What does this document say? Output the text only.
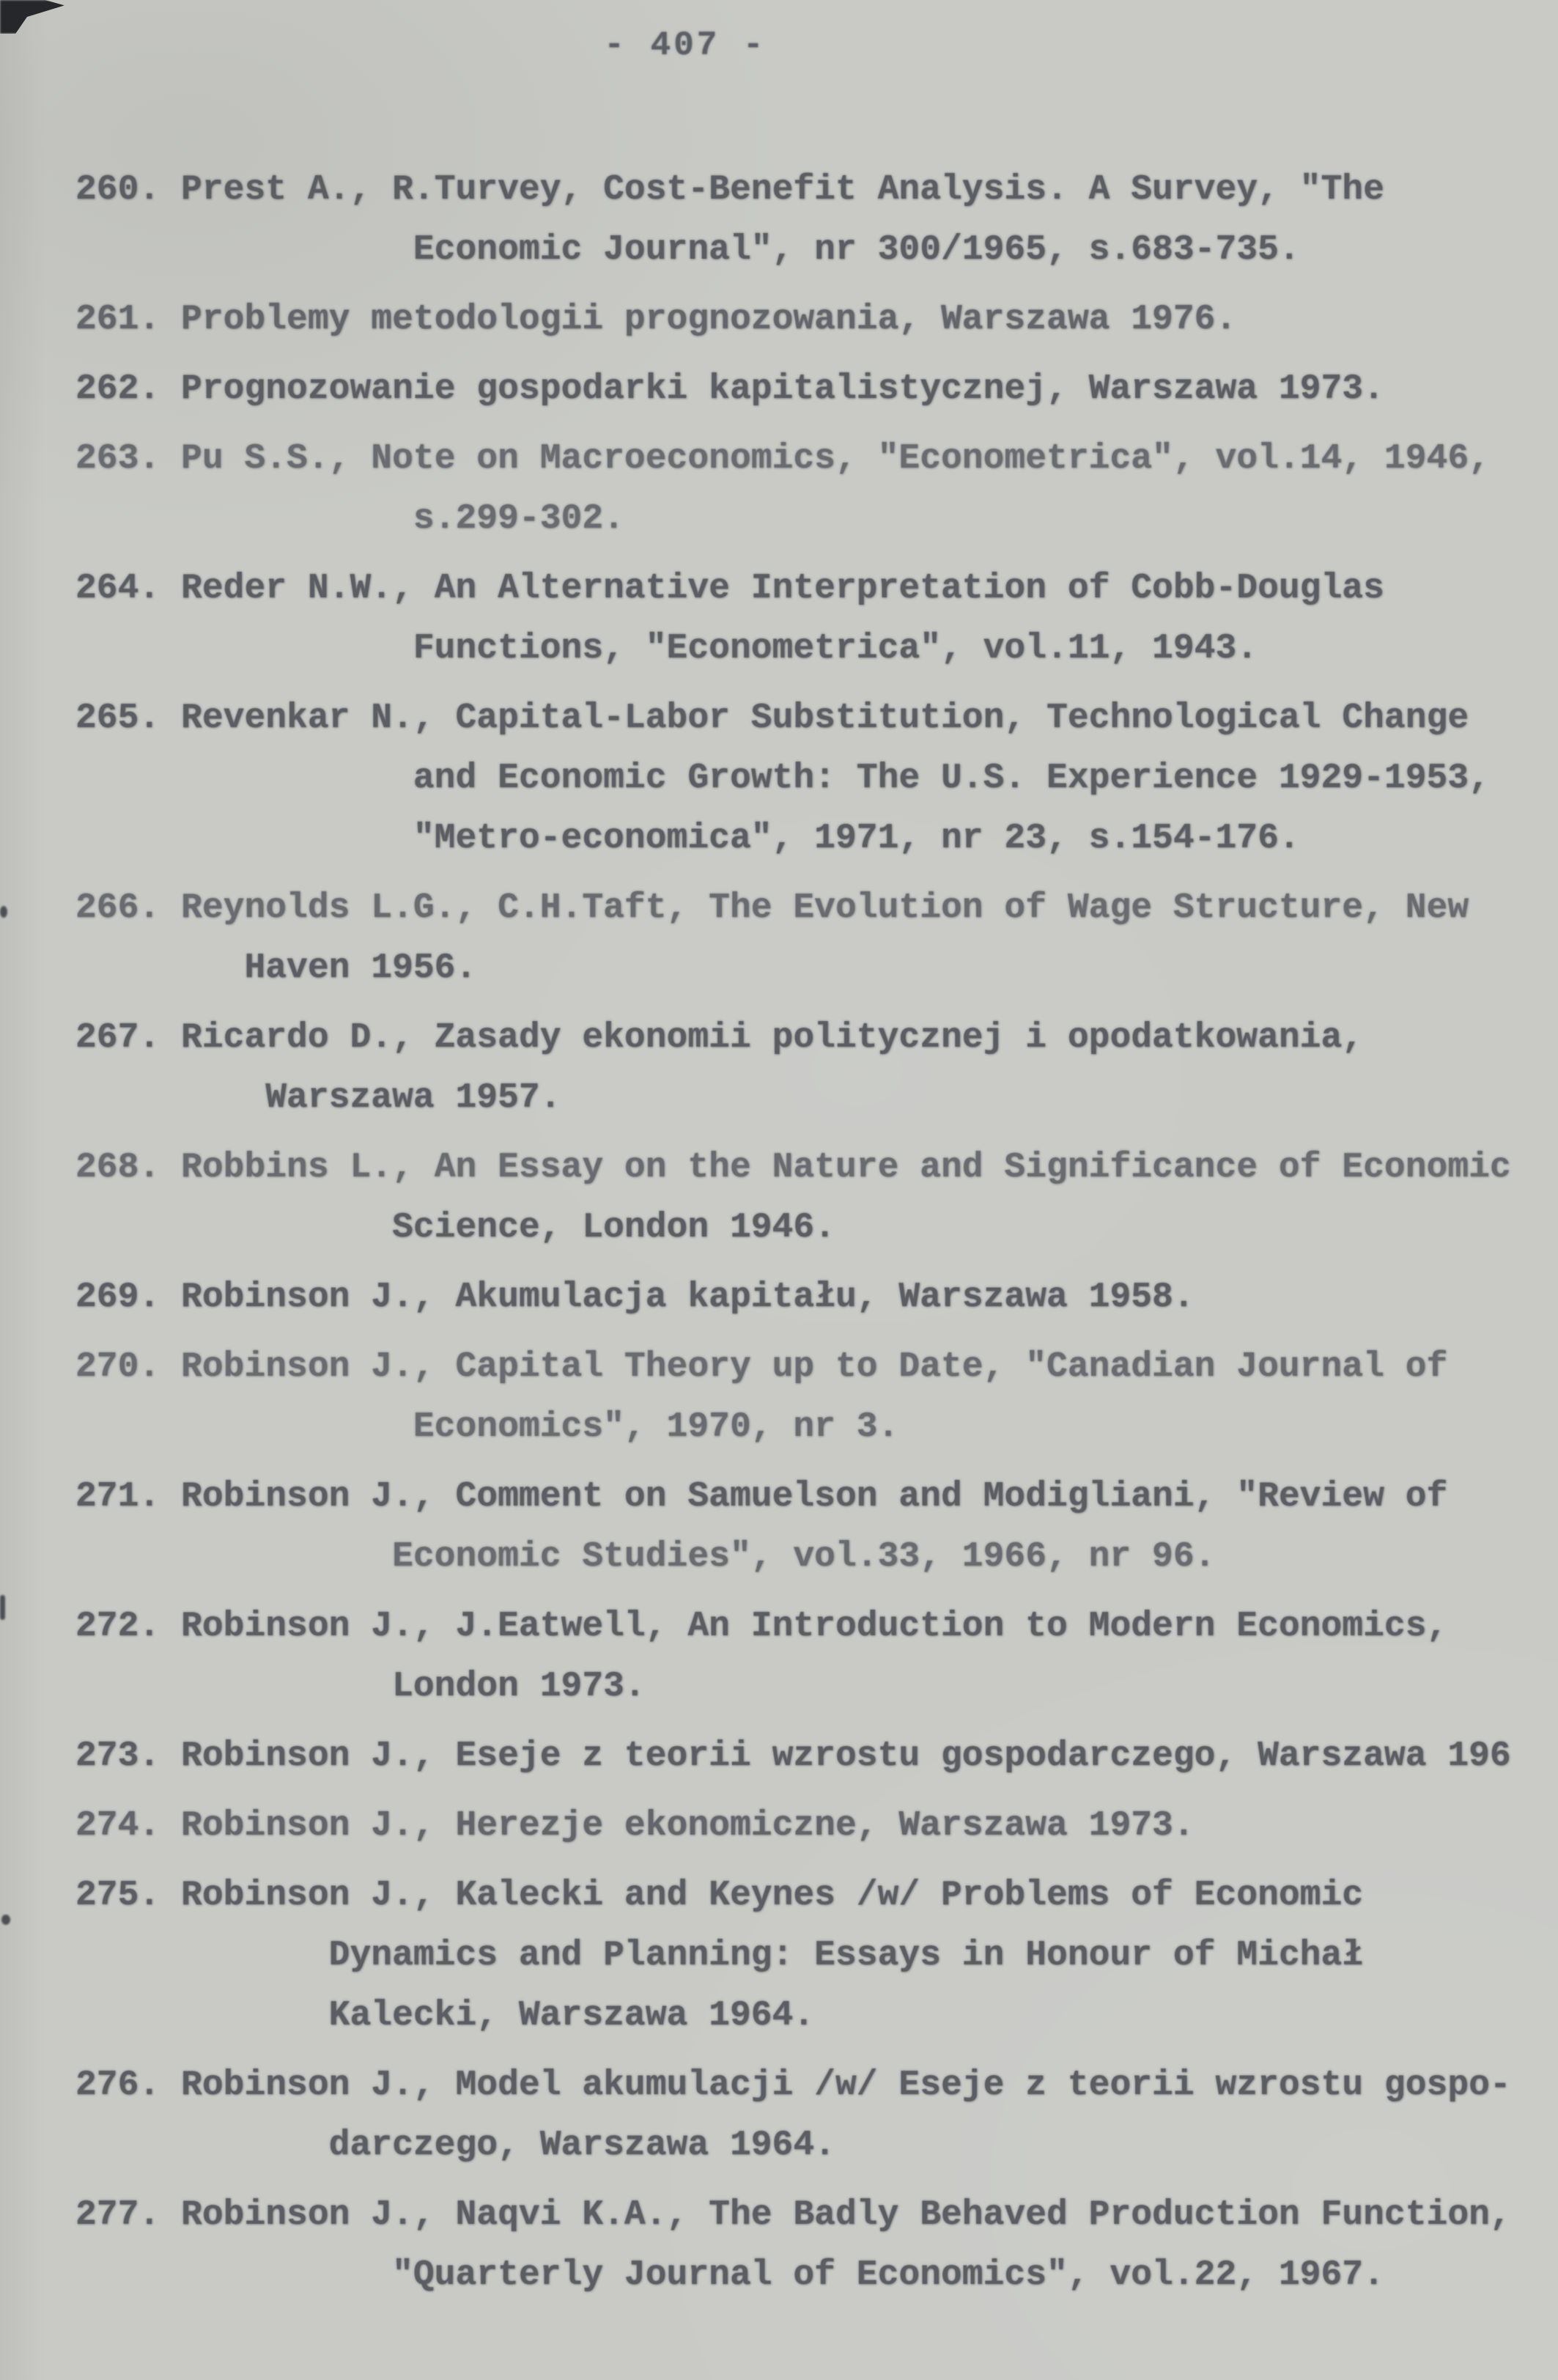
- 407 -
260. Prest A., R.Turvey, Cost-Benefit Analysis. A Survey, "The
Economic Journal", nr 300/1965, s.683-735.
261. Problemy metodologii prognozowania, Warszawa 1976.
262. Prognozowanie gospodarki kapitalistycznej, Warszawa 1973.
263. Pu S.S., Note on Macroeconomics, "Econometrica", vol.14, 1946,
s.299-302.
264. Reder N.W., An Alternative Interpretation of Cobb-Douglas
Functions, "Econometrica", vol.11, 1943.
265. Revenkar N., Capital-Labor Substitution, Technological Change
and Economic Growth: The U.S. Experience 1929-1953,
"Metro-economica", 1971, nr 23, s.154-176.
266. Reynolds L.G., C.H.Taft, The Evolution of Wage Structure, New
Haven 1956.
267. Ricardo D., Zasady ekonomii politycznej i opodatkowania,
Warszawa 1957.
268. Robbins L., An Essay on the Nature and Significance of Economic
Science, London 1946.
269. Robinson J., Akumulacja kapitału, Warszawa 1958.
270. Robinson J., Capital Theory up to Date, "Canadian Journal of
Economics", 1970, nr 3.
271. Robinson J., Comment on Samuelson and Modigliani, "Review of
Economic Studies", vol.33, 1966, nr 96.
272. Robinson J., J.Eatwell, An Introduction to Modern Economics,
London 1973.
273. Robinson J., Eseje z teorii wzrostu gospodarczego, Warszawa 196
274. Robinson J., Herezje ekonomiczne, Warszawa 1973.
275. Robinson J., Kalecki and Keynes /w/ Problems of Economic
Dynamics and Planning: Essays in Honour of Michał
Kalecki, Warszawa 1964.
276. Robinson J., Model akumulacji /w/ Eseje z teorii wzrostu gospo-
darczego, Warszawa 1964.
277. Robinson J., Naqvi K.A., The Badly Behaved Production Function,
"Quarterly Journal of Economics", vol.22, 1967.
